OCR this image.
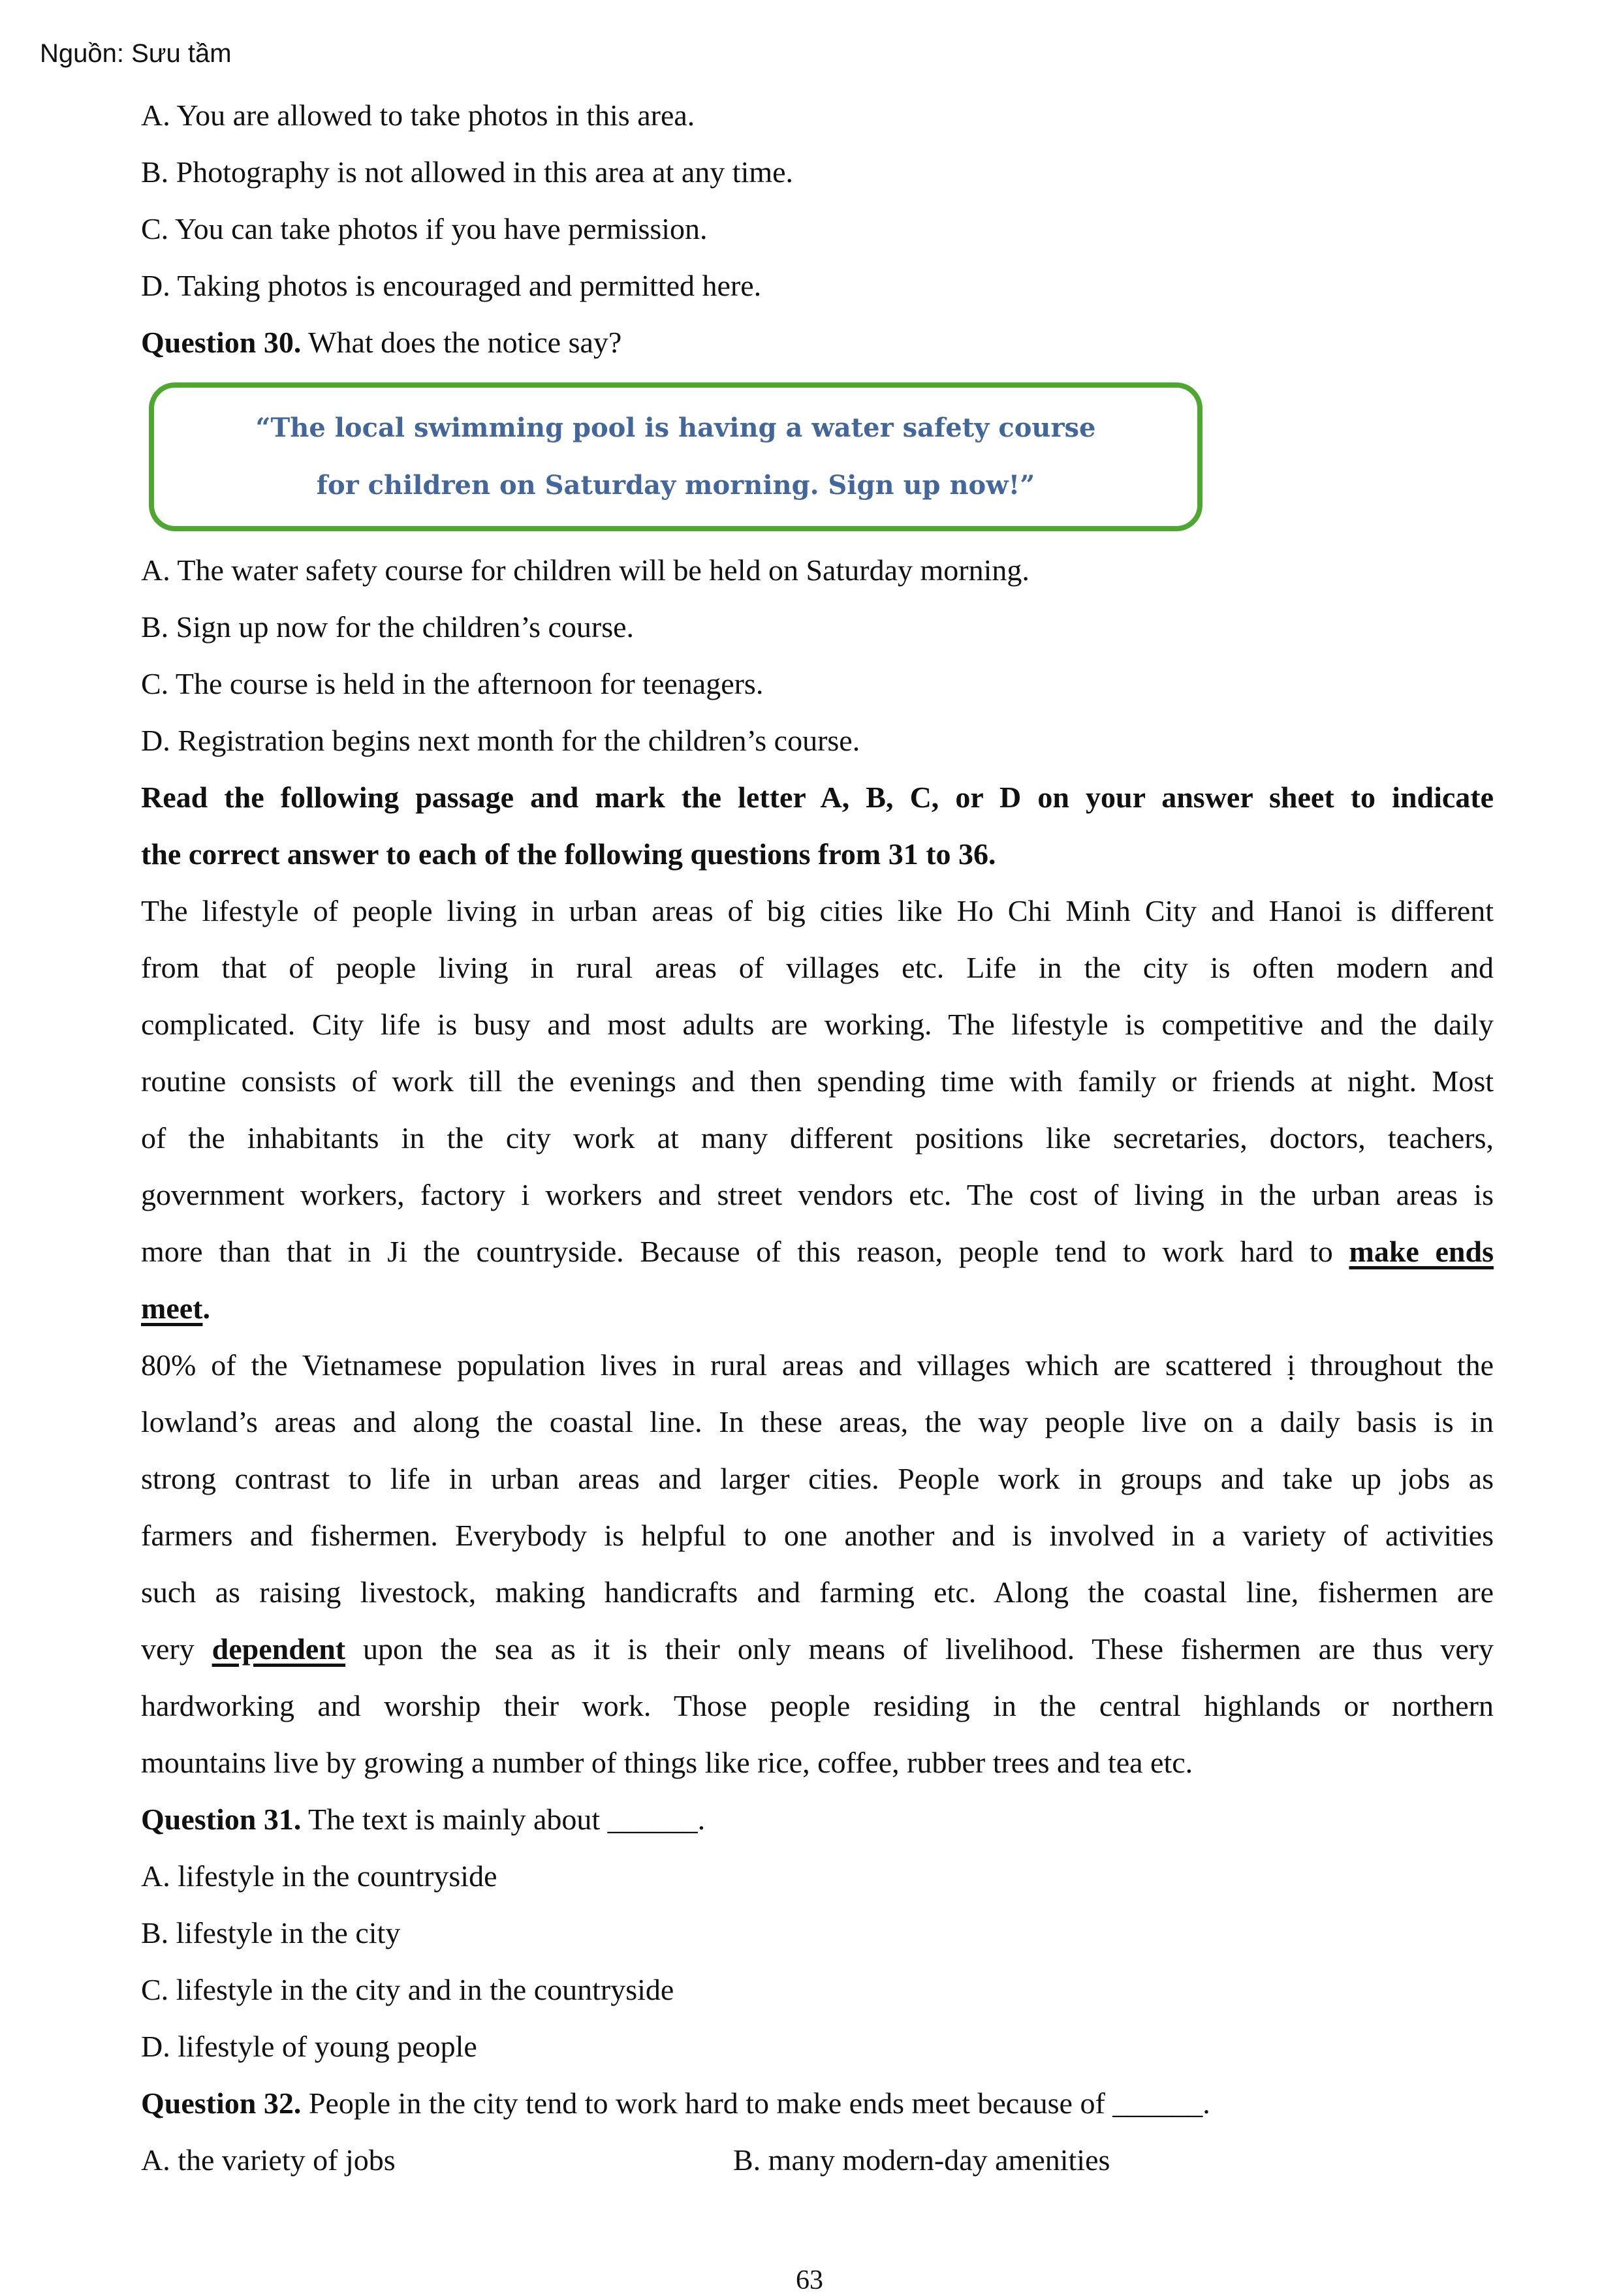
Nguồn: Sưu tầm
A. You are allowed to take photos in this area.
B. Photography is not allowed in this area at any time.
C. You can take photos if you have permission.
D. Taking photos is encouraged and permitted here.
Question 30. What does the notice say?
“The local swimming pool is having a water safety course
for children on Saturday morning. Sign up now!”
A. The water safety course for children will be held on Saturday morning.
B. Sign up now for the children’s course.
C. The course is held in the afternoon for teenagers.
D. Registration begins next month for the children’s course.
Read the following passage and mark the letter A, B, C, or D on your answer sheet to indicate
the correct answer to each of the following questions from 31 to 36.
The lifestyle of people living in urban areas of big cities like Ho Chi Minh City and Hanoi is different
from that of people living in rural areas of villages etc. Life in the city is often modern and
complicated. City life is busy and most adults are working. The lifestyle is competitive and the daily
routine consists of work till the evenings and then spending time with family or friends at night. Most
of the inhabitants in the city work at many different positions like secretaries, doctors, teachers,
government workers, factory i workers and street vendors etc. The cost of living in the urban areas is
more than that in Ji the countryside. Because of this reason, people tend to work hard to make ends
meet.
80% of the Vietnamese population lives in rural areas and villages which are scattered ị throughout the
lowland’s areas and along the coastal line. In these areas, the way people live on a daily basis is in
strong contrast to life in urban areas and larger cities. People work in groups and take up jobs as
farmers and fishermen. Everybody is helpful to one another and is involved in a variety of activities
such as raising livestock, making handicrafts and farming etc. Along the coastal line, fishermen are
very dependent upon the sea as it is their only means of livelihood. These fishermen are thus very
hardworking and worship their work. Those people residing in the central highlands or northern
mountains live by growing a number of things like rice, coffee, rubber trees and tea etc.
Question 31. The text is mainly about ______.
A. lifestyle in the countryside
B. lifestyle in the city
C. lifestyle in the city and in the countryside
D. lifestyle of young people
Question 32. People in the city tend to work hard to make ends meet because of ______.
A. the variety of jobs	B. many modern-day amenities
63
